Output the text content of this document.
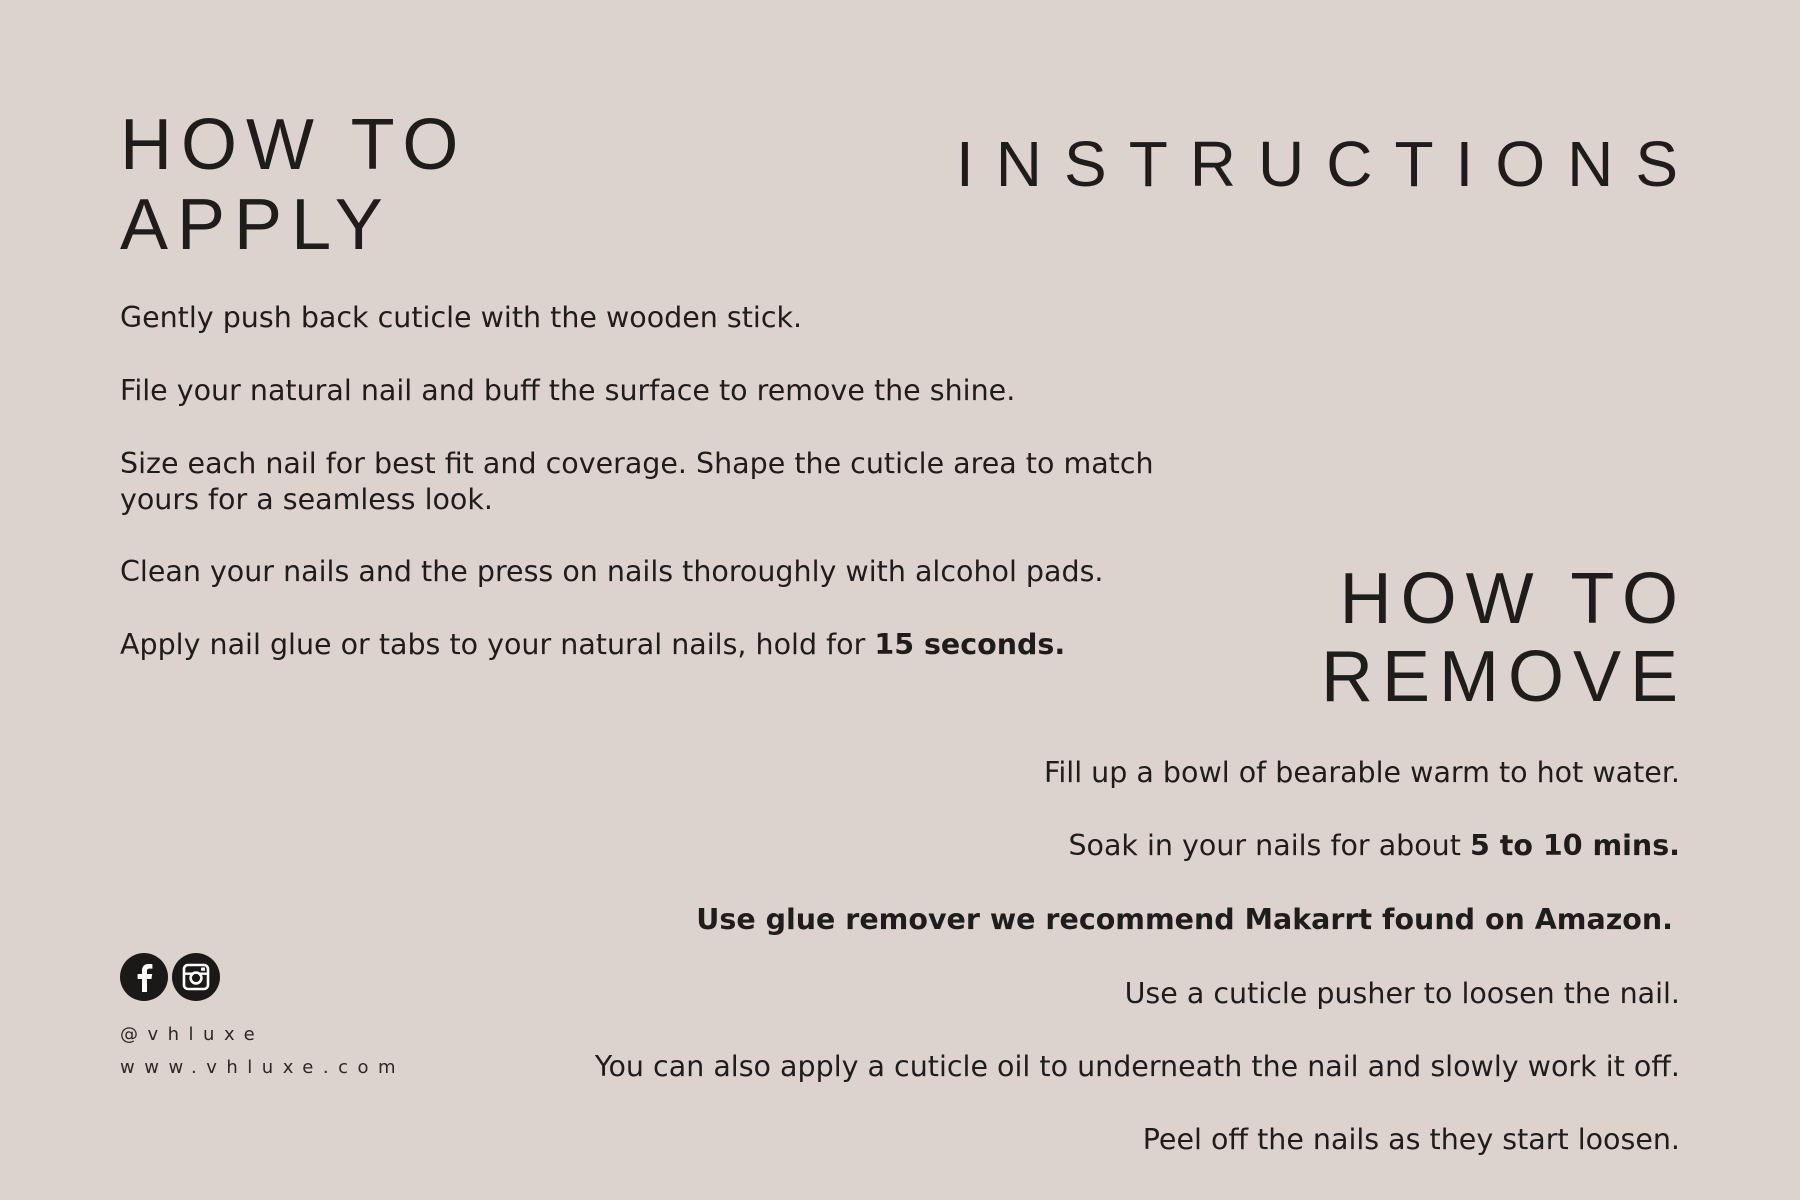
HOW TO
APPLY
INSTRUCTIONS

Gently push back cuticle with the wooden stick.

File your natural nail and buff the surface to remove the shine.

Size each nail for best fit and coverage. Shape the cuticle area to match yours for a seamless look.

Clean your nails and the press on nails thoroughly with alcohol pads.

Apply nail glue or tabs to your natural nails, hold for 15 seconds.

HOW TO
REMOVE

Fill up a bowl of bearable warm to hot water.

Soak in your nails for about 5 to 10 mins.

Use glue remover we recommend Makarrt found on Amazon.

Use a cuticle pusher to loosen the nail.

You can also apply a cuticle oil to underneath the nail and slowly work it off.

Peel off the nails as they start loosen.

@vhluxe

www.vhluxe.com
